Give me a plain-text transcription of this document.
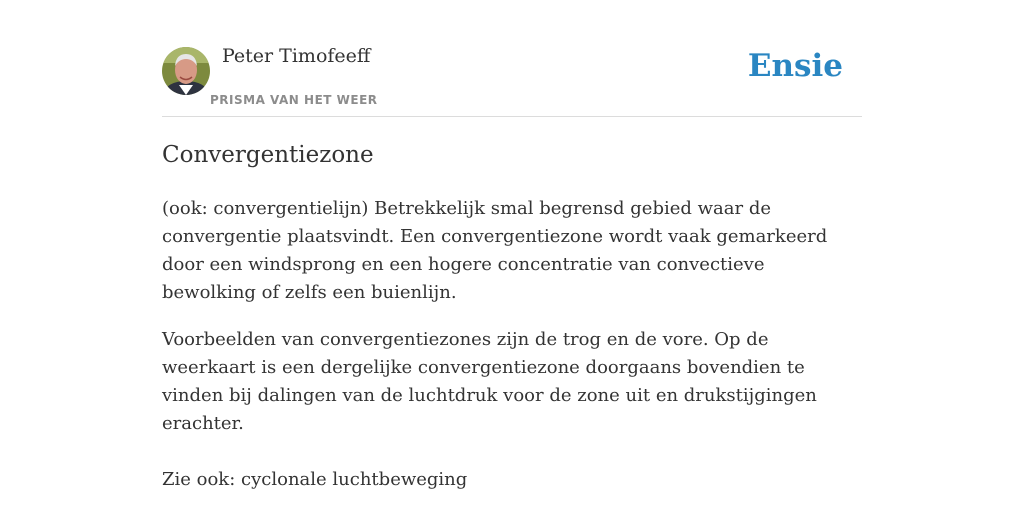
Peter Timofeeff
PRISMA VAN HET WEER
Ensie
Convergentiezone

(ook: convergentielijn) Betrekkelijk smal begrensd gebied waar de convergentie plaatsvindt. Een convergentiezone wordt vaak gemarkeerd door een windsprong en een hogere concentratie van convectieve bewolking of zelfs een buienlijn.

Voorbeelden van convergentiezones zijn de trog en de vore. Op de weerkaart is een dergelijke convergentiezone doorgaans bovendien te vinden bij dalingen van de luchtdruk voor de zone uit en drukstijgingen erachter.

Zie ook: cyclonale luchtbeweging
